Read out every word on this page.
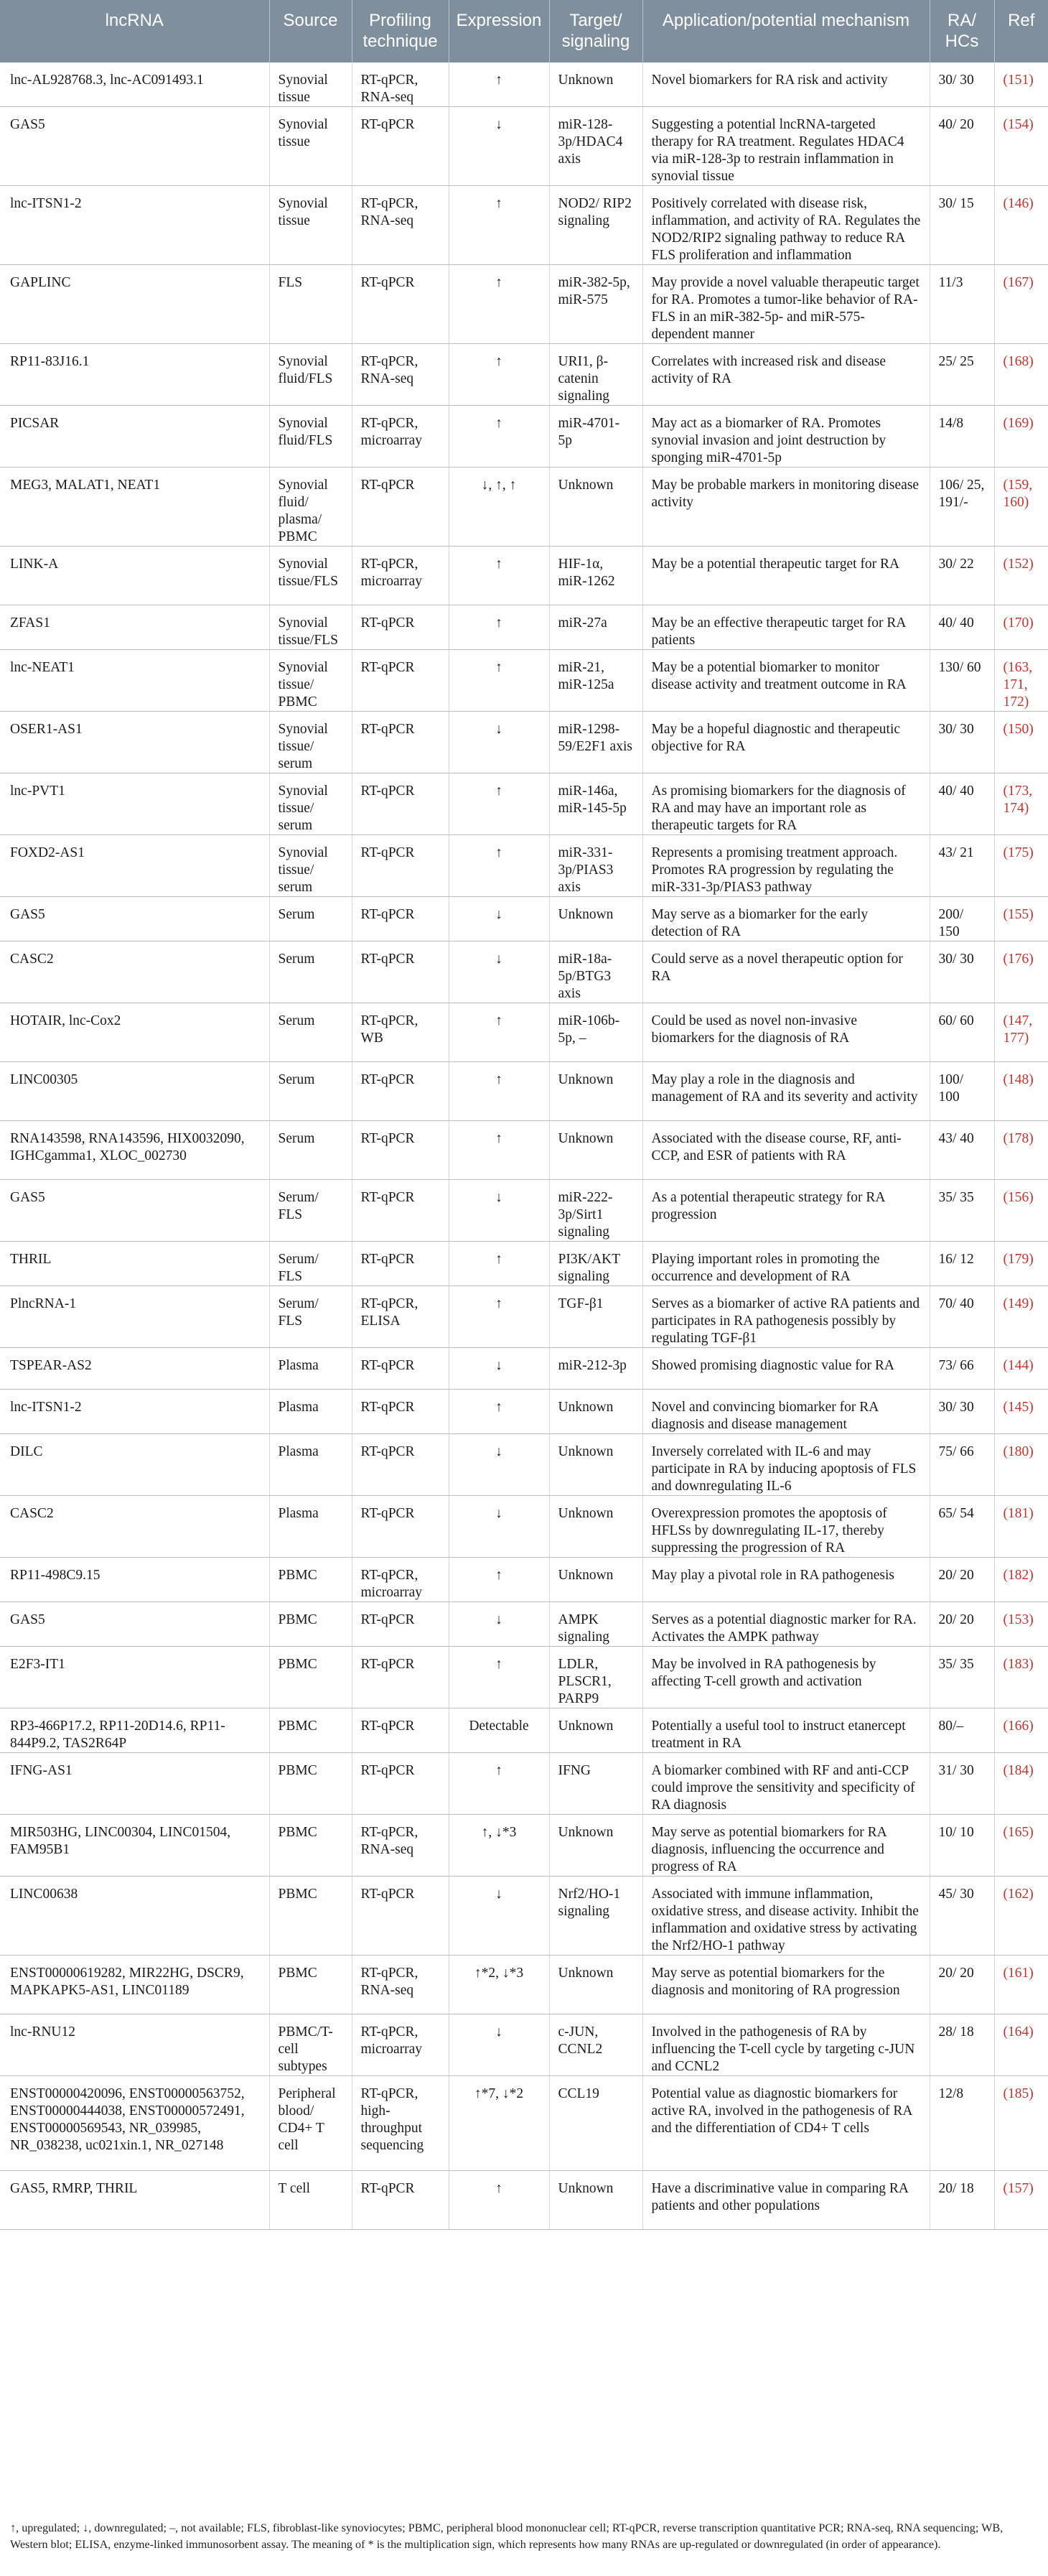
lncRNA	Source	Profiling technique	Expression	Target/ signaling	Application/potential mechanism	RA/ HCs	Ref
lnc-AL928768.3, lnc-AC091493.1	Synovial tissue	RT-qPCR, RNA-seq	↑	Unknown	Novel biomarkers for RA risk and activity	30/ 30	(151)
GAS5	Synovial tissue	RT-qPCR	↓	miR-128-3p/HDAC4 axis	Suggesting a potential lncRNA-targeted therapy for RA treatment. Regulates HDAC4 via miR-128-3p to restrain inflammation in synovial tissue	40/ 20	(154)
lnc-ITSN1-2	Synovial tissue	RT-qPCR, RNA-seq	↑	NOD2/ RIP2 signaling	Positively correlated with disease risk, inflammation, and activity of RA. Regulates the NOD2/RIP2 signaling pathway to reduce RA FLS proliferation and inflammation	30/ 15	(146)
GAPLINC	FLS	RT-qPCR	↑	miR-382-5p, miR-575	May provide a novel valuable therapeutic target for RA. Promotes a tumor-like behavior of RA-FLS in an miR-382-5p- and miR-575-dependent manner	11/3	(167)
RP11-83J16.1	Synovial fluid/FLS	RT-qPCR, RNA-seq	↑	URI1, β-catenin signaling	Correlates with increased risk and disease activity of RA	25/ 25	(168)
PICSAR	Synovial fluid/FLS	RT-qPCR, microarray	↑	miR-4701-5p	May act as a biomarker of RA. Promotes synovial invasion and joint destruction by sponging miR-4701-5p	14/8	(169)
MEG3, MALAT1, NEAT1	Synovial fluid/ plasma/ PBMC	RT-qPCR	↓, ↑, ↑	Unknown	May be probable markers in monitoring disease activity	106/ 25, 191/-	(159, 160)
LINK-A	Synovial tissue/FLS	RT-qPCR, microarray	↑	HIF-1α, miR-1262	May be a potential therapeutic target for RA	30/ 22	(152)
ZFAS1	Synovial tissue/FLS	RT-qPCR	↑	miR-27a	May be an effective therapeutic target for RA patients	40/ 40	(170)
lnc-NEAT1	Synovial tissue/ PBMC	RT-qPCR	↑	miR-21, miR-125a	May be a potential biomarker to monitor disease activity and treatment outcome in RA	130/ 60	(163, 171, 172)
OSER1-AS1	Synovial tissue/ serum	RT-qPCR	↓	miR-1298-59/E2F1 axis	May be a hopeful diagnostic and therapeutic objective for RA	30/ 30	(150)
lnc-PVT1	Synovial tissue/ serum	RT-qPCR	↑	miR-146a, miR-145-5p	As promising biomarkers for the diagnosis of RA and may have an important role as therapeutic targets for RA	40/ 40	(173, 174)
FOXD2-AS1	Synovial tissue/ serum	RT-qPCR	↑	miR-331-3p/PIAS3 axis	Represents a promising treatment approach. Promotes RA progression by regulating the miR-331-3p/PIAS3 pathway	43/ 21	(175)
GAS5	Serum	RT-qPCR	↓	Unknown	May serve as a biomarker for the early detection of RA	200/ 150	(155)
CASC2	Serum	RT-qPCR	↓	miR-18a-5p/BTG3 axis	Could serve as a novel therapeutic option for RA	30/ 30	(176)
HOTAIR, lnc-Cox2	Serum	RT-qPCR, WB	↑	miR-106b-5p, –	Could be used as novel non-invasive biomarkers for the diagnosis of RA	60/ 60	(147, 177)
LINC00305	Serum	RT-qPCR	↑	Unknown	May play a role in the diagnosis and management of RA and its severity and activity	100/ 100	(148)
RNA143598, RNA143596, HIX0032090, IGHCgamma1, XLOC_002730	Serum	RT-qPCR	↑	Unknown	Associated with the disease course, RF, anti-CCP, and ESR of patients with RA	43/ 40	(178)
GAS5	Serum/ FLS	RT-qPCR	↓	miR-222-3p/Sirt1 signaling	As a potential therapeutic strategy for RA progression	35/ 35	(156)
THRIL	Serum/ FLS	RT-qPCR	↑	PI3K/AKT signaling	Playing important roles in promoting the occurrence and development of RA	16/ 12	(179)
PlncRNA-1	Serum/ FLS	RT-qPCR, ELISA	↑	TGF-β1	Serves as a biomarker of active RA patients and participates in RA pathogenesis possibly by regulating TGF-β1	70/ 40	(149)
TSPEAR-AS2	Plasma	RT-qPCR	↓	miR-212-3p	Showed promising diagnostic value for RA	73/ 66	(144)
lnc-ITSN1-2	Plasma	RT-qPCR	↑	Unknown	Novel and convincing biomarker for RA diagnosis and disease management	30/ 30	(145)
DILC	Plasma	RT-qPCR	↓	Unknown	Inversely correlated with IL-6 and may participate in RA by inducing apoptosis of FLS and downregulating IL-6	75/ 66	(180)
CASC2	Plasma	RT-qPCR	↓	Unknown	Overexpression promotes the apoptosis of HFLSs by downregulating IL-17, thereby suppressing the progression of RA	65/ 54	(181)
RP11-498C9.15	PBMC	RT-qPCR, microarray	↑	Unknown	May play a pivotal role in RA pathogenesis	20/ 20	(182)
GAS5	PBMC	RT-qPCR	↓	AMPK signaling	Serves as a potential diagnostic marker for RA. Activates the AMPK pathway	20/ 20	(153)
E2F3-IT1	PBMC	RT-qPCR	↑	LDLR, PLSCR1, PARP9	May be involved in RA pathogenesis by affecting T-cell growth and activation	35/ 35	(183)
RP3-466P17.2, RP11-20D14.6, RP11-844P9.2, TAS2R64P	PBMC	RT-qPCR	Detectable	Unknown	Potentially a useful tool to instruct etanercept treatment in RA	80/–	(166)
IFNG-AS1	PBMC	RT-qPCR	↑	IFNG	A biomarker combined with RF and anti-CCP could improve the sensitivity and specificity of RA diagnosis	31/ 30	(184)
MIR503HG, LINC00304, LINC01504, FAM95B1	PBMC	RT-qPCR, RNA-seq	↑, ↓*3	Unknown	May serve as potential biomarkers for RA diagnosis, influencing the occurrence and progress of RA	10/ 10	(165)
LINC00638	PBMC	RT-qPCR	↓	Nrf2/HO-1 signaling	Associated with immune inflammation, oxidative stress, and disease activity. Inhibit the inflammation and oxidative stress by activating the Nrf2/HO-1 pathway	45/ 30	(162)
ENST00000619282, MIR22HG, DSCR9, MAPKAPK5-AS1, LINC01189	PBMC	RT-qPCR, RNA-seq	↑*2, ↓*3	Unknown	May serve as potential biomarkers for the diagnosis and monitoring of RA progression	20/ 20	(161)
lnc-RNU12	PBMC/T-cell subtypes	RT-qPCR, microarray	↓	c-JUN, CCNL2	Involved in the pathogenesis of RA by influencing the T-cell cycle by targeting c-JUN and CCNL2	28/ 18	(164)
ENST00000420096, ENST00000563752, ENST00000444038, ENST00000572491, ENST00000569543, NR_039985, NR_038238, uc021xin.1, NR_027148	Peripheral blood/ CD4+ T cell	RT-qPCR, high-throughput sequencing	↑*7, ↓*2	CCL19	Potential value as diagnostic biomarkers for active RA, involved in the pathogenesis of RA and the differentiation of CD4+ T cells	12/8	(185)
GAS5, RMRP, THRIL	T cell	RT-qPCR	↑	Unknown	Have a discriminative value in comparing RA patients and other populations	20/ 18	(157)
↑, upregulated; ↓, downregulated; –, not available; FLS, fibroblast-like synoviocytes; PBMC, peripheral blood mononuclear cell; RT-qPCR, reverse transcription quantitative PCR; RNA-seq, RNA sequencing; WB, Western blot; ELISA, enzyme-linked immunosorbent assay. The meaning of * is the multiplication sign, which represents how many RNAs are up-regulated or downregulated (in order of appearance).
